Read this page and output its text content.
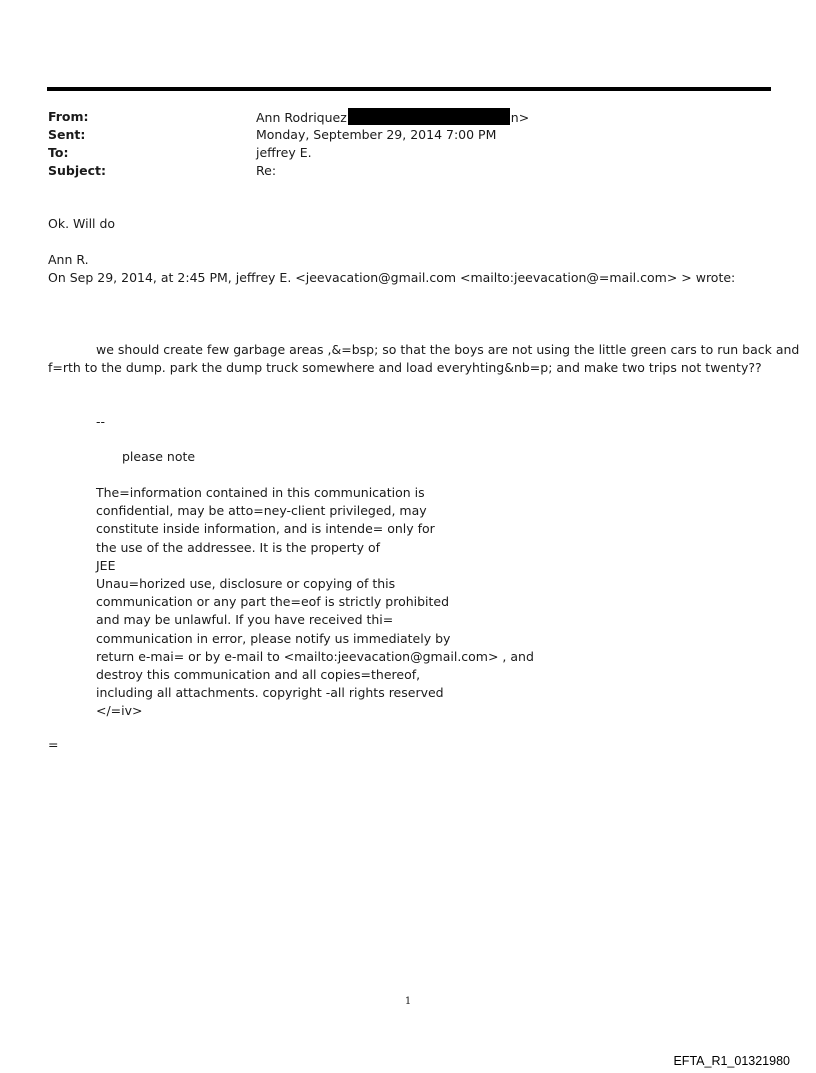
From:	Ann Rodriquez	n>
Sent:	Monday, September 29, 2014 7:00 PM
To:	jeffrey E.
Subject:	Re:

Ok. Will do

Ann R.

On Sep 29, 2014, at 2:45 PM, jeffrey E. <jeevacation@gmail.com <mailto:jeevacation@=mail.com> > wrote:

we should create few garbage areas ,&=bsp; so that the boys are not using the little green cars to run back and

f=rth to the dump. park the dump truck somewhere and load everyhting&nb=p; and make two trips not twenty??

--

please note

The=information contained in this communication is
confidential, may be atto=ney-client privileged, may
constitute inside information, and is intende= only for
the use of the addressee. It is the property of
JEE
Unau=horized use, disclosure or copying of this
communication or any part the=eof is strictly prohibited
and may be unlawful. If you have received thi=
communication in error, please notify us immediately by
return e-mai= or by e-mail to <mailto:jeevacation@gmail.com> , and
destroy this communication and all copies=thereof,
including all attachments. copyright -all rights reserved
</=iv>

=

1
EFTA_R1_01321980
